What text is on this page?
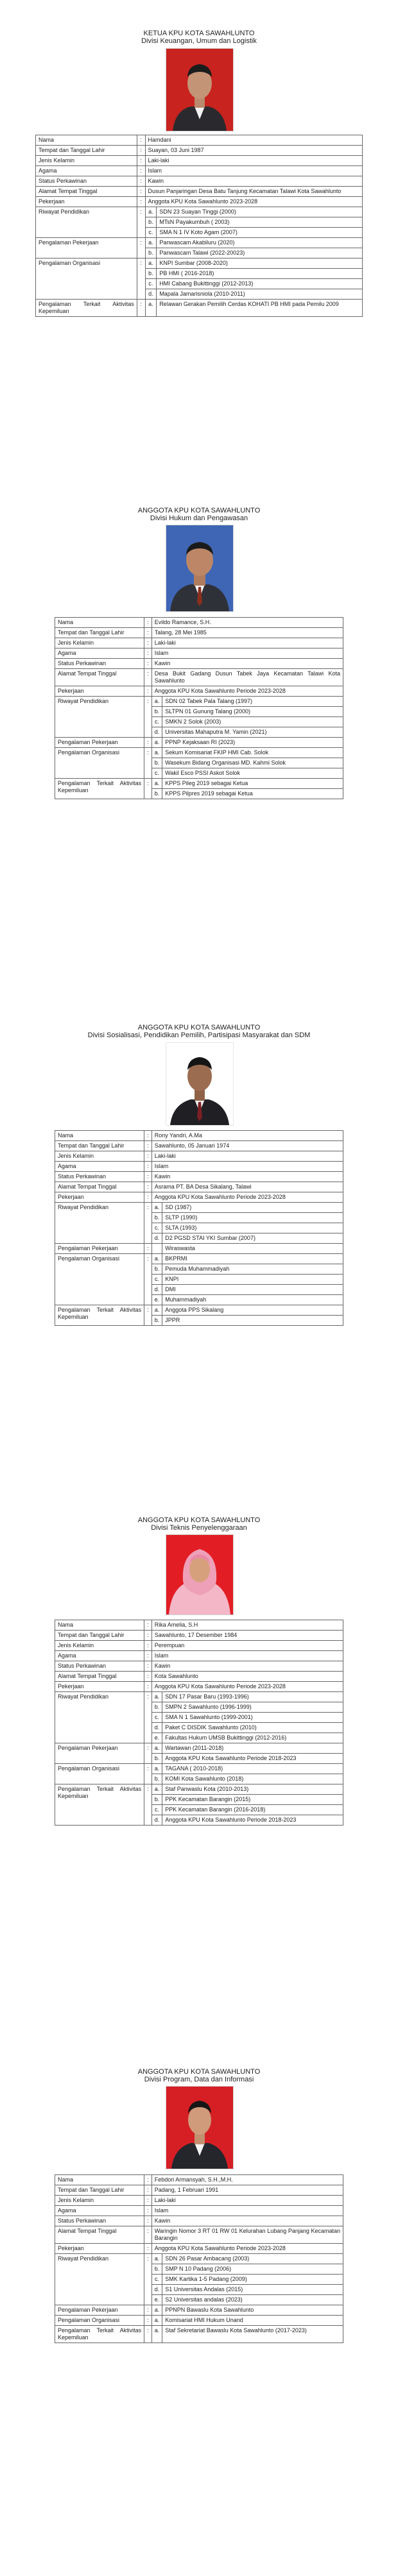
KETUA KPU KOTA SAWAHLUNTO
Divisi Keuangan, Umum dan Logistik
Nama	:	Hamdani	
Tempat dan Tanggal Lahir	:	Suayan, 03 Juni 1987	
Jenis Kelamin	:	Laki-laki	
Agama	:	Islam	
Status Perkawinan	:	Kawin	
Alamat Tempat Tinggal	:	Dusun Panjaringan Desa Batu Tanjung Kecamatan Talawi Kota Sawahlunto	
Pekerjaan	:	Anggota KPU Kota Sawahlunto 2023-2028	
Riwayat Pendidikan	:	a.	SDN 23 Suayan Tinggi (2000)
		b.	MTsN Payakumbuh ( 2003)
		c.	SMA N 1 IV Koto Agam (2007)
Pengalaman Pekerjaan	:	a.	Panwascam Akabiluru (2020)
		b.	Panwascam Talawi (2022-20023)
Pengalaman Organisasi	:	a.	KNPI Sumbar (2008-2020)
		b.	PB HMI ( 2016-2018)
		c.	HMI Cabang Bukittinggi (2012-2013)
		d.	Mapala Jamarisniola (2010-2011)
Pengalaman Terkait Aktivitas Kepemiluan	:	a.	Relawan Gerakan Pemilih Cerdas KOHATI PB HMI pada Pemilu 2009
ANGGOTA KPU KOTA SAWAHLUNTO
Divisi Hukum dan Pengawasan
Nama	:	Evildo Ramance, S.H.	
Tempat dan Tanggal Lahir	:	Talang, 28 Mei 1985	
Jenis Kelamin	:	Laki-laki	
Agama	:	Islam	
Status Perkawinan	:	Kawin	
Alamat Tempat Tinggal	:	Desa Bukit Gadang Dusun Tabek Jaya Kecamatan Talawi Kota Sawahlunto	
Pekerjaan	:	Anggota KPU Kota Sawahlunto Periode 2023-2028	
Riwayat Pendidikan	:	a.	SDN 02 Tabek Pala Talang (1997)
		b.	SLTPN 01 Gunung Talang (2000)
		c.	SMKN 2 Solok (2003)
		d.	Universitas Mahaputra M. Yamin (2021)
Pengalaman Pekerjaan	:	a.	PPNP Kejaksaan RI (2023)
Pengalaman Organisasi	:	a.	Sekum Komisariat FKIP HMI Cab. Solok
		b.	Wasekum Bidang Organisasi MD. Kahmi Solok
		c.	Wakil Esco PSSI Askot Solok
Pengalaman Terkait Aktivitas Kepemiluan	:	a.	KPPS Pileg 2019 sebagai Ketua
		b.	KPPS Pilpres 2019 sebagai Ketua
ANGGOTA KPU KOTA SAWAHLUNTO
Divisi Sosialisasi, Pendidikan Pemilih, Partisipasi Masyarakat dan SDM
Nama	:	Rony Yandri, A.Ma	
Tempat dan Tanggal Lahir	:	Sawahlunto, 05 Januari 1974	
Jenis Kelamin	:	Laki-laki	
Agama	:	Islam	
Status Perkawinan	:	Kawin	
Alamat Tempat Tinggal	:	Asrama PT. BA Desa Sikalang, Talawi	
Pekerjaan	:	Anggota KPU Kota Sawahlunto Periode 2023-2028	
Riwayat Pendidikan	:	a.	SD (1987)
		b.	SLTP (1990)
		c.	SLTA (1993)
		d.	D2 PGSD STAI YKI Sumbar (2007)
Pengalaman Pekerjaan	:		Wiraswasta
Pengalaman Organisasi	:	a.	BKPRMI
		b.	Pemuda Muhammadiyah
		c.	KNPI
		d.	DMI
		e.	Muhammadiyah
Pengalaman Terkait Aktivitas Kepemiluan	:	a.	Anggota PPS Sikalang
		b.	JPPR
ANGGOTA KPU KOTA SAWAHLUNTO
Divisi Teknis Penyelenggaraan
Nama	:	Rika Amelia, S.H	
Tempat dan Tanggal Lahir	:	Sawahlunto, 17 Desember 1984	
Jenis Kelamin	:	Perempuan	
Agama	:	Islam	
Status Perkawinan	:	Kawin	
Alamat Tempat Tinggal	:	Kota Sawahlunto	
Pekerjaan	:	Anggota KPU Kota Sawahlunto Periode 2023-2028	
Riwayat Pendidikan	:	a.	SDN 17 Pasar Baru (1993-1996)
		b.	SMPN 2 Sawahlunto (1996-1999)
		c.	SMA N 1 Sawahlunto (1999-2001)
		d.	Paket C DISDIK Sawahlunto (2010)
		e.	Fakultas Hukum UMSB Bukittinggi (2012-2016)
Pengalaman Pekerjaan	:	a.	Wartawan (2011-2018)
		b.	Anggota KPU Kota Sawahlunto Periode 2018-2023
Pengalaman Organisasi	:	a.	TAGANA ( 2010-2018)
		b.	KOMI Kota Sawahlunto (2018)
Pengalaman Terkait Aktivitas Kepemiluan	:	a.	Staf Panwaslu Kota (2010-2013)
		b.	PPK Kecamatan Barangin (2015)
		c.	PPK Kecamatan Barangin (2016-2018)
		d.	Anggota KPU Kota Sawahlunto Periode 2018-2023
ANGGOTA KPU KOTA SAWAHLUNTO
Divisi Program, Data dan Informasi
Nama	:	Febdori Armansyah, S.H.,M.H.	
Tempat dan Tanggal Lahir	:	Padang, 1 Februari 1991	
Jenis Kelamin	:	Laki-laki	
Agama	:	Islam	
Status Perkawinan	:	Kawin	
Alamat Tempat Tinggal	:	Waringin Nomor 3 RT 01 RW 01 Kelurahan Lubang Panjang Kecamatan Barangin	
Pekerjaan	:	Anggota KPU Kota Sawahlunto Periode 2023-2028	
Riwayat Pendidikan	:	a.	SDN 26 Pasar Ambacang (2003)
		b.	SMP N 10 Padang (2006)
		c.	SMK Kartika 1-5 Padang (2009)
		d.	S1 Universitas Andalas (2015)
		e.	S2 Universitas andalas (2023)
Pengalaman Pekerjaan	:	a.	PPNPN Bawaslu Kota Sawahlunto
Pengalaman Organisasi	:	a.	Komisariat HMI Hukum Unand
Pengalaman Terkait Aktivitas Kepemiluan	:	a.	Staf Sekretariat Bawaslu Kota Sawahlunto (2017-2023)
